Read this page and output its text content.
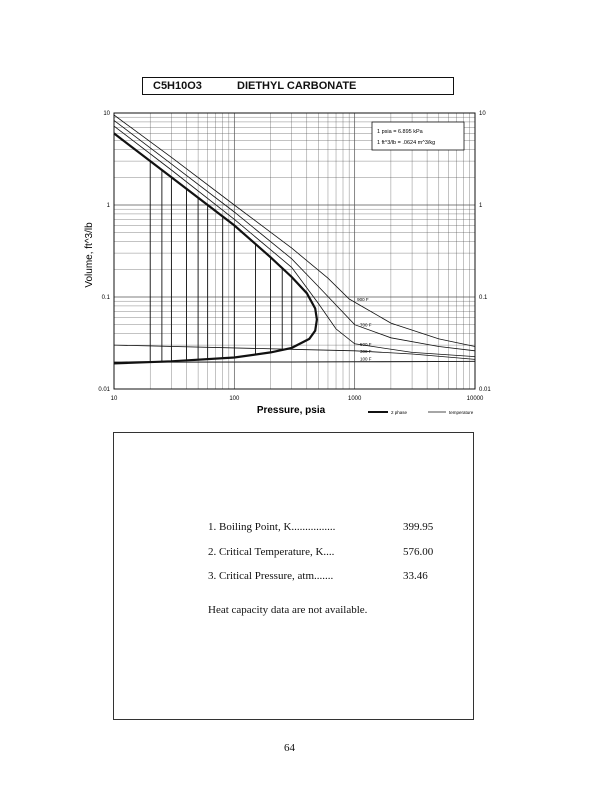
C5H10O3	DIETHYL CARBONATE
10	100	1000	10000
10
1
0.1
0.01
10
1
0.1
0.01
900 F
700 F
500 F
300 F
100 F
1 psia = 6.895 kPa
1 ft^3/lb = .0624 m^3/kg
Volume, ft^3/lb
Pressure, psia	2 phase	temperature
1. Boiling Point, K................	399.95
2. Critical Temperature, K....	576.00
3. Critical Pressure, atm.......	33.46
Heat capacity data are not available.
64
